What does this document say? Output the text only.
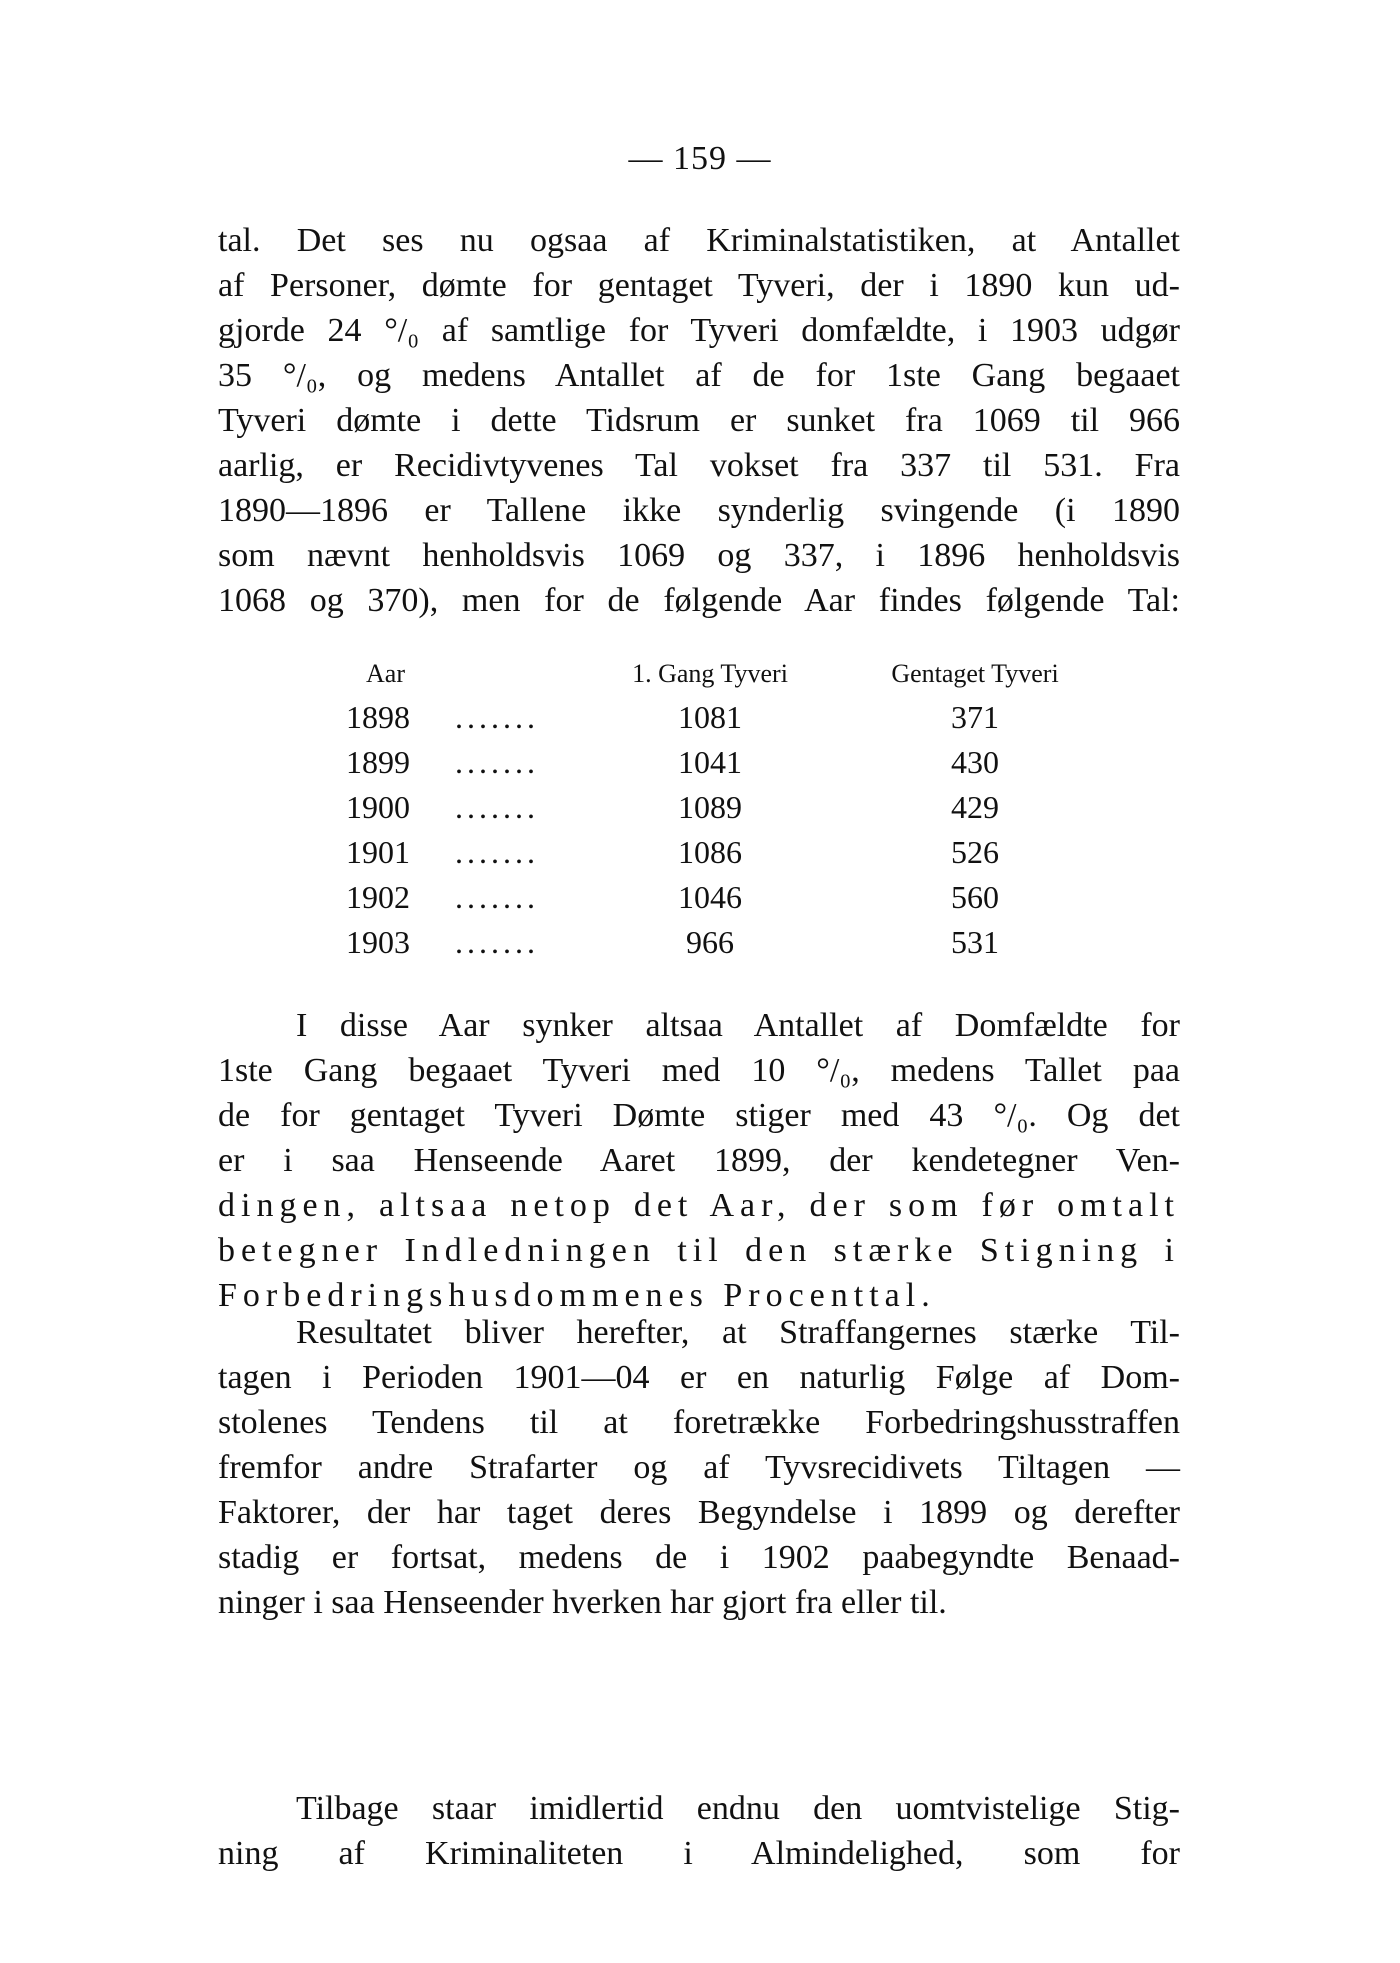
— 159 —

tal. Det ses nu ogsaa af Kriminalstatistiken, at Antallet

af Personer, dømte for gentaget Tyveri, der i 1890 kun ud-

gjorde 24 °/₀ af samtlige for Tyveri domfældte, i 1903 udgør

35 °/₀, og medens Antallet af de for 1ste Gang begaaet

Tyveri dømte i dette Tidsrum er sunket fra 1069 til 966

aarlig, er Recidivtyvenes Tal vokset fra 337 til 531. Fra

1890—1896 er Tallene ikke synderlig svingende (i 1890

som nævnt henholdsvis 1069 og 337, i 1896 henholdsvis

1068 og 370), men for de følgende Aar findes følgende Tal:

Aar	1. Gang Tyveri	Gentaget Tyveri
1898 .......	1081	371
1899 .......	1041	430
1900 .......	1089	429
1901 .......	1086	526
1902 .......	1046	560
1903 .......	966	531

I disse Aar synker altsaa Antallet af Domfældte for

1ste Gang begaaet Tyveri med 10 °/₀, medens Tallet paa

de for gentaget Tyveri Dømte stiger med 43 °/₀. Og det

er i saa Henseende Aaret 1899, der kendetegner Ven-

dingen, altsaa netop det Aar, der som før omtalt

betegner Indledningen til den stærke Stigning i

Forbedringshusdommenes Procenttal.

Resultatet bliver herefter, at Straffangernes stærke Til-

tagen i Perioden 1901—04 er en naturlig Følge af Dom-

stolenes Tendens til at foretrække Forbedringshusstraffen

fremfor andre Strafarter og af Tyvsrecidivets Tiltagen —

Faktorer, der har taget deres Begyndelse i 1899 og derefter

stadig er fortsat, medens de i 1902 paabegyndte Benaad-

ninger i saa Henseender hverken har gjort fra eller til.

Tilbage staar imidlertid endnu den uomtvistelige Stig-

ning af Kriminaliteten i Almindelighed, som for
